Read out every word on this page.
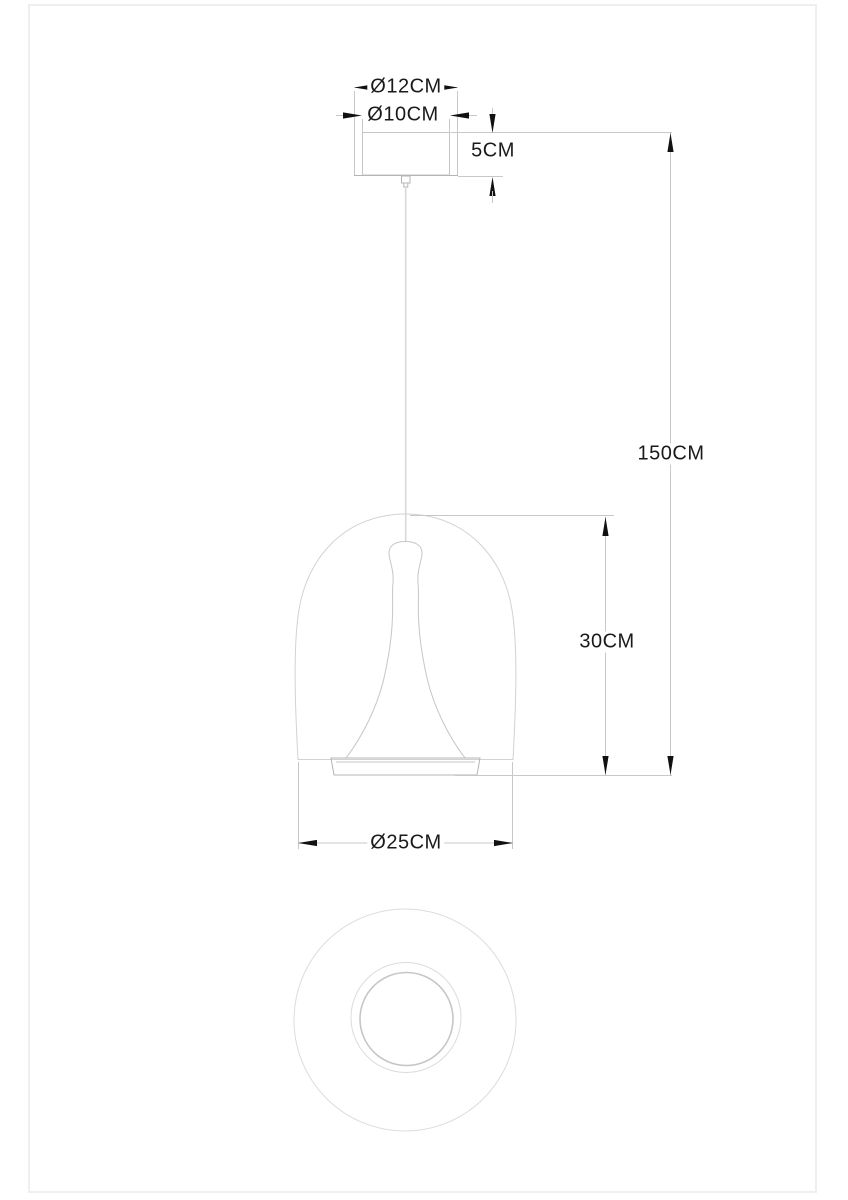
Ø12CM
Ø10CM
5CM
150CM
30CM
Ø25CM
